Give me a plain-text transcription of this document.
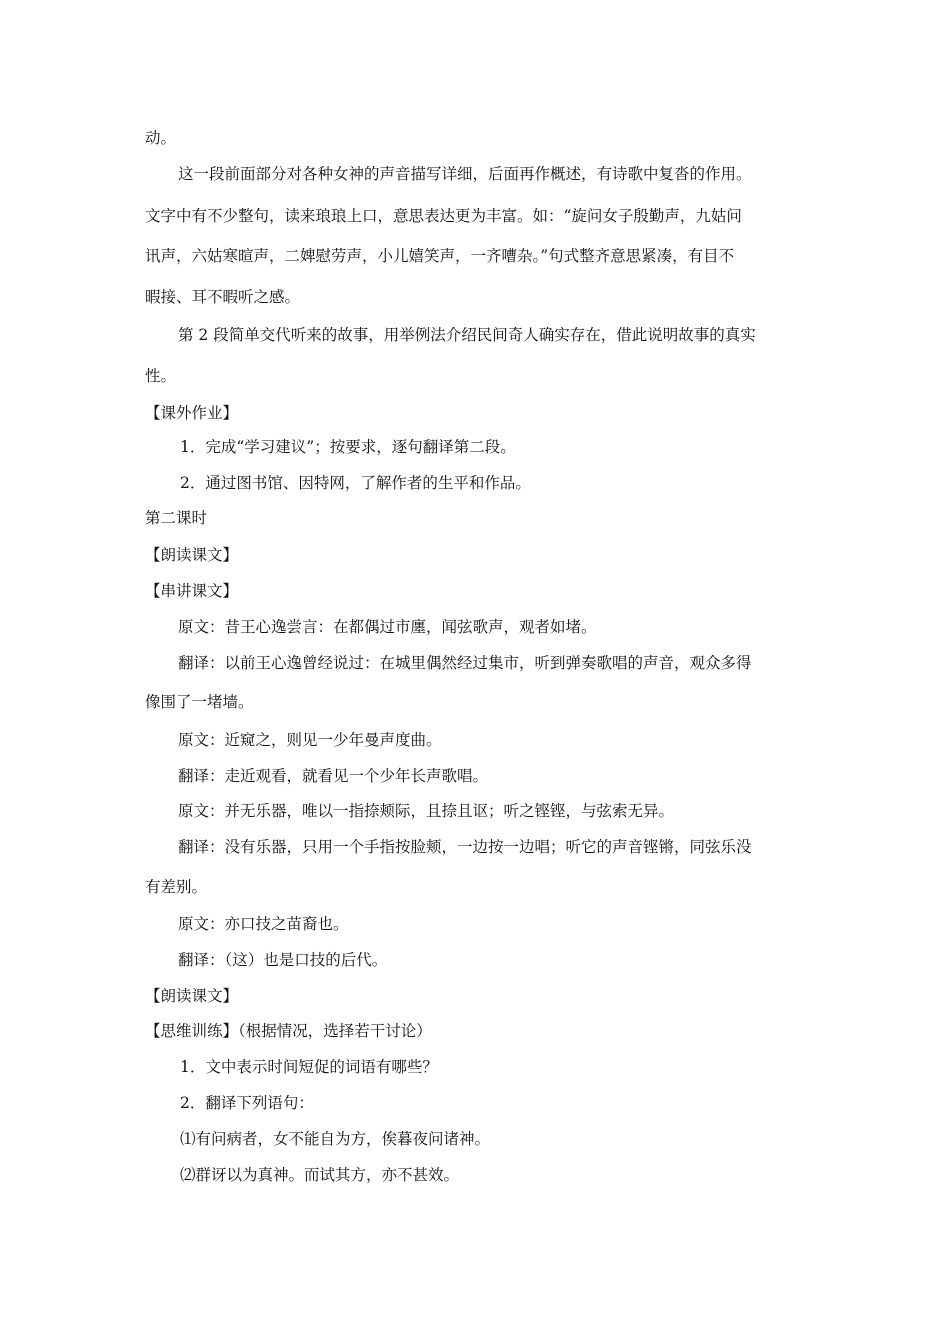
动。
这一段前面部分对各种女神的声音描写详细，后面再作概述，有诗歌中复沓的作用。
文字中有不少整句，读来琅琅上口，意思表达更为丰富。如：“旋问女子殷勤声，九姑问
讯声，六姑寒暄声，二婢慰劳声，小儿嬉笑声，一齐嘈杂。”句式整齐意思紧凑，有目不
暇接、耳不暇听之感。
第 2 段简单交代听来的故事，用举例法介绍民间奇人确实存在，借此说明故事的真实
性。
【课外作业】
1．完成“学习建议”；按要求，逐句翻译第二段。
2．通过图书馆、因特网，了解作者的生平和作品。
第二课时
【朗读课文】
【串讲课文】
原文：昔王心逸尝言：在都偶过市廛，闻弦歌声，观者如堵。
翻译：以前王心逸曾经说过：在城里偶然经过集市，听到弹奏歌唱的声音，观众多得
像围了一堵墙。
原文：近窥之，则见一少年曼声度曲。
翻译：走近观看，就看见一个少年长声歌唱。
原文：并无乐器，唯以一指捺颊际，且捺且讴；听之铿铿，与弦索无异。
翻译：没有乐器，只用一个手指按脸颊，一边按一边唱；听它的声音铿锵，同弦乐没
有差别。
原文：亦口技之苗裔也。
翻译：（这）也是口技的后代。
【朗读课文】
【思维训练】（根据情况，选择若干讨论）
1．文中表示时间短促的词语有哪些？
2．翻译下列语句：
⑴有问病者，女不能自为方，俟暮夜问诸神。
⑵群讶以为真神。而试其方，亦不甚效。
